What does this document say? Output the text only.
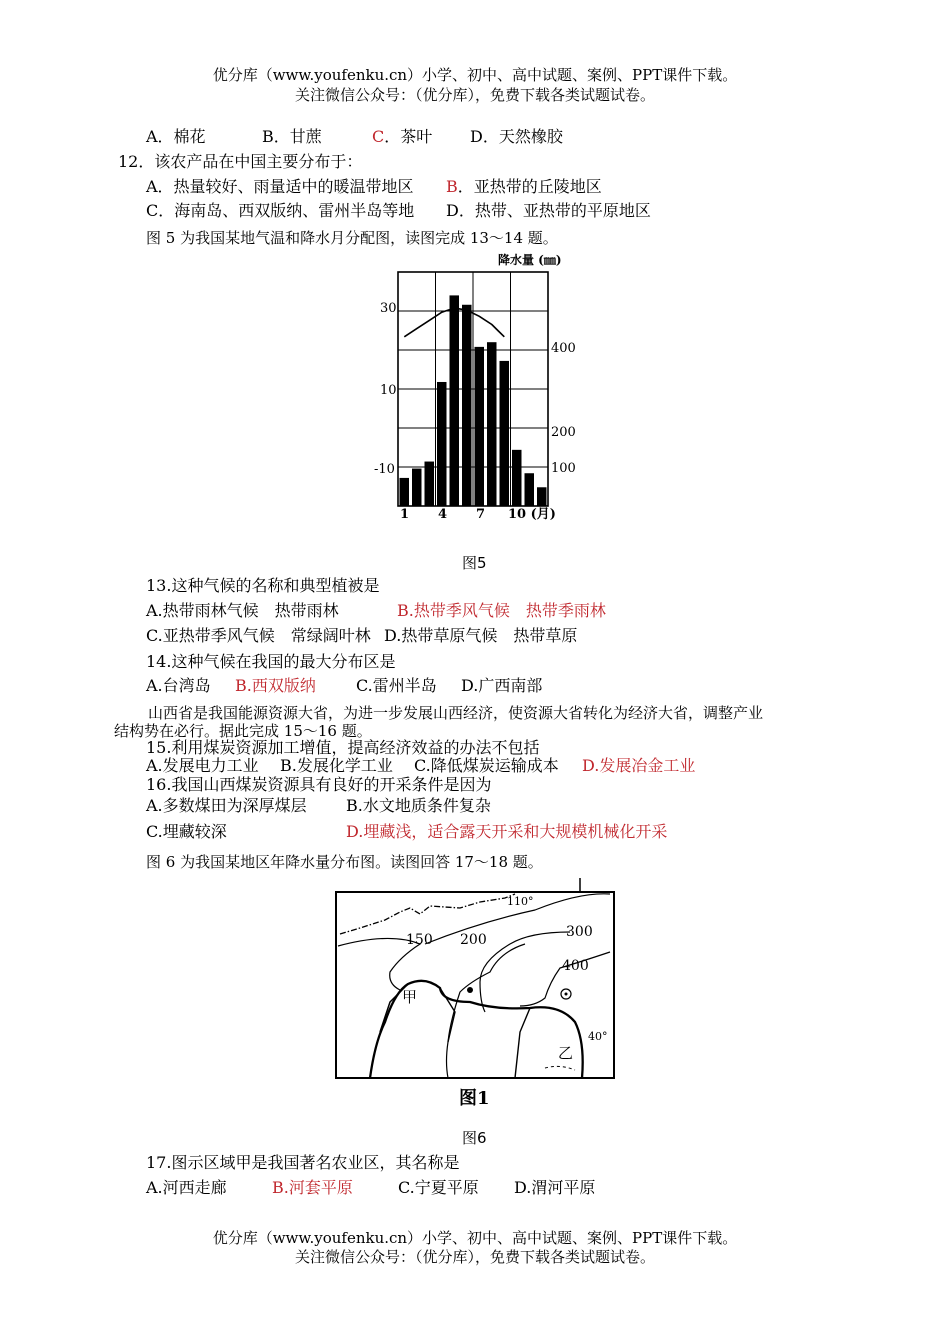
优分库（www.youfenku.cn）小学、初中、高中试题、案例、PPT课件下载。
关注微信公众号：（优分库），免费下载各类试题试卷。
A．棉花	B．甘蔗	C．茶叶 D．天然橡胶
12．该农产品在中国主要分布于：
A．热量较好、雨量适中的暖温带地区 B．亚热带的丘陵地区
C．海南岛、西双版纳、雷州半岛等地 D．热带、亚热带的平原地区
图 5 为我国某地气温和降水月分配图，读图完成 13～14 题。
降水量 (㎜)
30
10
-10
400
200
100
1 4 7 10 (月)
图5
13.这种气候的名称和典型植被是
A.热带雨林气候　热带雨林	B.热带季风气候　热带季雨林
C.亚热带季风气候　常绿阔叶林 D.热带草原气候　热带草原
14.这种气候在我国的最大分布区是
A.台湾岛 B.西双版纳	C.雷州半岛 D.广西南部
山西省是我国能源资源大省，为进一步发展山西经济，使资源大省转化为经济大省，调整产业
结构势在必行。据此完成 15～16 题。
15.利用煤炭资源加工增值，提高经济效益的办法不包括
A.发展电力工业 B.发展化学工业 C.降低煤炭运输成本 D.发展冶金工业
16.我国山西煤炭资源具有良好的开采条件是因为
A.多数煤田为深厚煤层 B.水文地质条件复杂
C.埋藏较深	D.埋藏浅，适合露天开采和大规模机械化开采
图 6 为我国某地区年降水量分布图。读图回答 17～18 题。
150 200	300
400
甲
乙
110°
40°
图1
图6
17.图示区域甲是我国著名农业区，其名称是
A.河西走廊	B.河套平原	C.宁夏平原 D.渭河平原
优分库（www.youfenku.cn）小学、初中、高中试题、案例、PPT课件下载。
关注微信公众号：（优分库），免费下载各类试题试卷。
